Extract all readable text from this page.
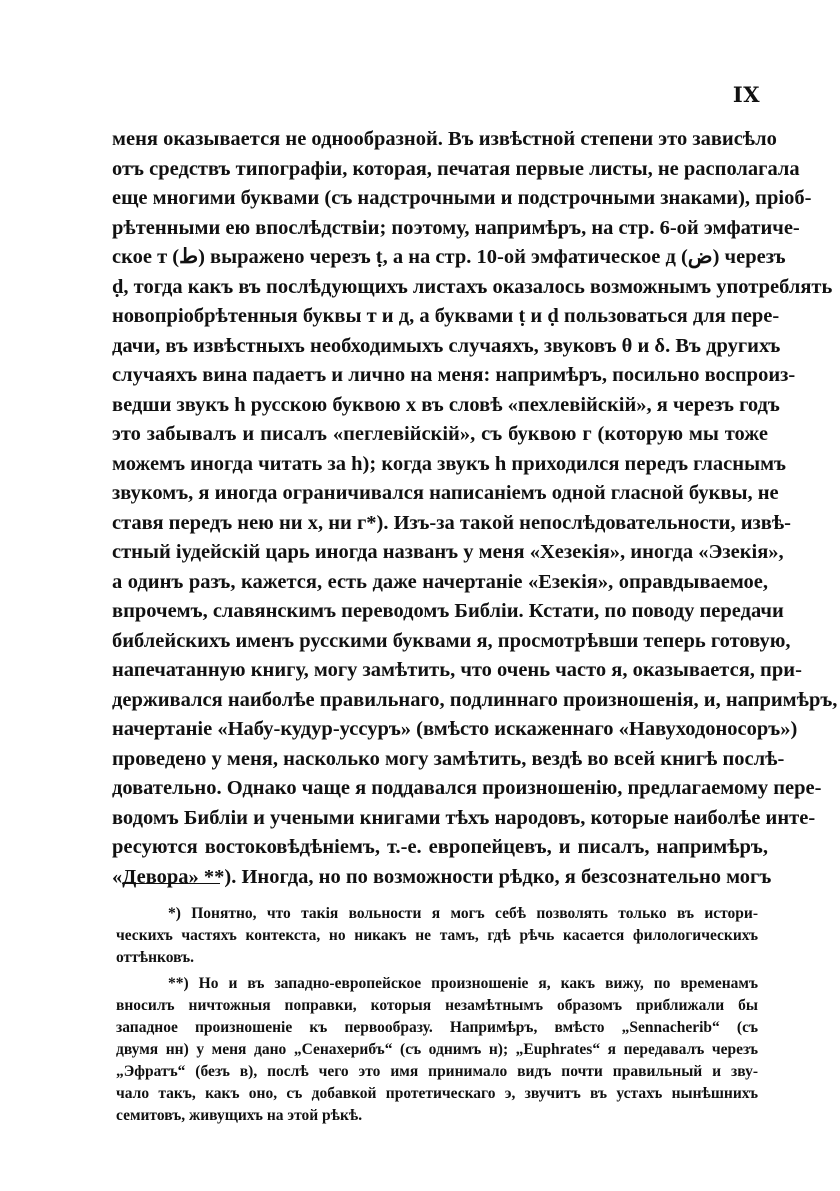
IX
меня оказывается не однообразной. Въ извѣстной степени это зависѣло
отъ средствъ типографіи, которая, печатая первые листы, не располагала
еще многими буквами (съ надстрочными и подстрочными знаками), пріоб-
рѣтенными ею впослѣдствіи; поэтому, напримѣръ, на стр. 6-ой эмфатиче-
ское т (ط) выражено черезъ ṭ, а на стр. 10-ой эмфатическое д (ض) черезъ
ḍ, тогда какъ въ послѣдующихъ листахъ оказалось возможнымъ употреблять
новопріобрѣтенныя буквы т и д, а буквами ṭ и ḍ пользоваться для пере-
дачи, въ извѣстныхъ необходимыхъ случаяхъ, звуковъ θ и δ. Въ другихъ
случаяхъ вина падаетъ и лично на меня: напримѣръ, посильно воспроиз-
ведши звукъ h русскою буквою х въ словѣ «пехлевійскій», я черезъ годъ
это забывалъ и писалъ «пеглевійскій», съ буквою г (которую мы тоже
можемъ иногда читать за h); когда звукъ h приходился передъ гласнымъ
звукомъ, я иногда ограничивался написаніемъ одной гласной буквы, не
ставя передъ нею ни х, ни г*). Изъ-за такой непослѣдовательности, извѣ-
стный іудейскій царь иногда названъ у меня «Хезекія», иногда «Эзекія»,
а одинъ разъ, кажется, есть даже начертаніе «Езекія», оправдываемое,
впрочемъ, славянскимъ переводомъ Библіи. Кстати, по поводу передачи
библейскихъ именъ русскими буквами я, просмотрѣвши теперь готовую,
напечатанную книгу, могу замѣтить, что очень часто я, оказывается, при-
держивался наиболѣе правильнаго, подлиннаго произношенія, и, напримѣръ,
начертаніе «Набу-кудур-уссуръ» (вмѣсто искаженнаго «Навуходоносоръ»)
проведено у меня, насколько могу замѣтить, вездѣ во всей книгѣ послѣ-
довательно. Однако чаще я поддавался произношенію, предлагаемому пере-
водомъ Библіи и учеными книгами тѣхъ народовъ, которые наиболѣе инте-
ресуются востоковѣдѣніемъ, т.-е. европейцевъ, и писалъ, напримѣръ,
«Девора» **). Иногда, но по возможности рѣдко, я безсознательно могъ
*) Понятно, что такія вольности я могъ себѣ позволять только въ истори-
ческихъ частяхъ контекста, но никакъ не тамъ, гдѣ рѣчь касается филологическихъ
оттѣнковъ.
**) Но и въ западно-европейское произношеніе я, какъ вижу, по временамъ
вносилъ ничтожныя поправки, которыя незамѣтнымъ образомъ приближали бы
западное произношеніе къ первообразу. Напримѣръ, вмѣсто „Sennacherib“ (съ
двумя нн) у меня дано „Сенахерибъ“ (съ однимъ н); „Euphrates“ я передавалъ черезъ
„Эфратъ“ (безъ в), послѣ чего это имя принимало видъ почти правильный и зву-
чало такъ, какъ оно, съ добавкой протетическаго э, звучитъ въ устахъ нынѣшнихъ
семитовъ, живущихъ на этой рѣкѣ.
